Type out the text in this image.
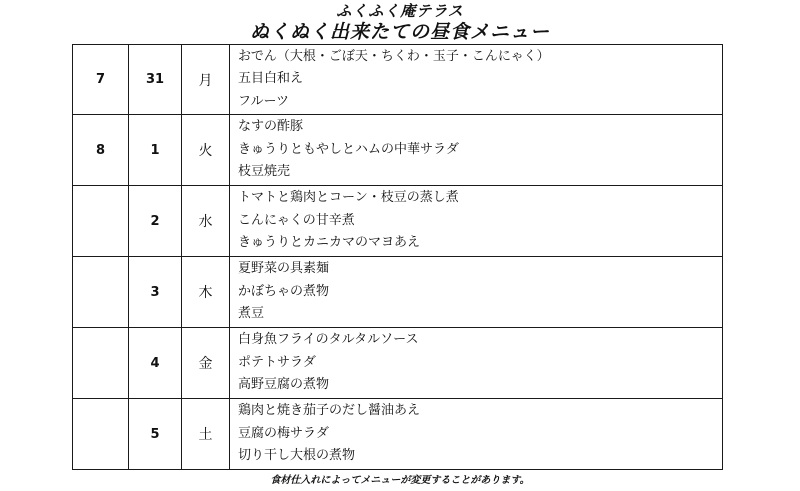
ふくふく庵テラス
ぬくぬく出来たての昼食メニュー
7	31	月	おでん（大根・ごぼ天・ちくわ・玉子・こんにゃく）
五目白和え
フルーツ

8	1	火	なすの酢豚
きゅうりともやしとハムの中華サラダ
枝豆焼売

	2	水	トマトと鶏肉とコーン・枝豆の蒸し煮
こんにゃくの甘辛煮
きゅうりとカニカマのマヨあえ

	3	木	夏野菜の具素麺
かぼちゃの煮物
煮豆

	4	金	白身魚フライのタルタルソース
ポテトサラダ
高野豆腐の煮物

	5	土	鶏肉と焼き茄子のだし醤油あえ
豆腐の梅サラダ
切り干し大根の煮物
食材仕入れによってメニューが変更することがあります。
